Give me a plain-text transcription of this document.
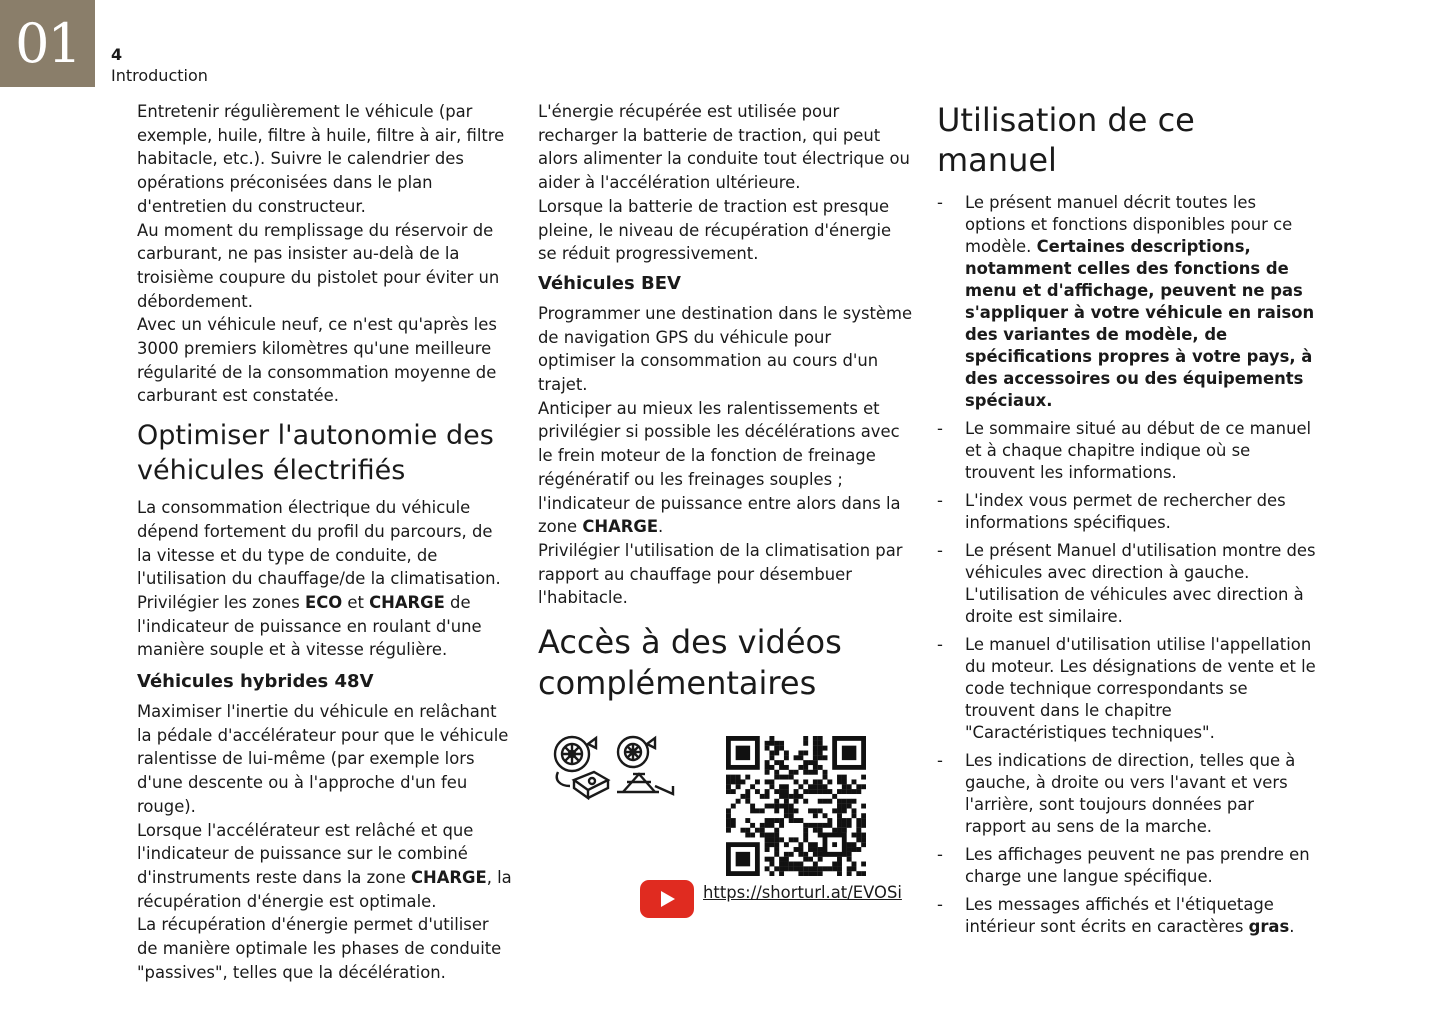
01	4
Introduction

Entretenir régulièrement le véhicule (par exemple, huile, filtre à huile, filtre à air, filtre habitacle, etc.). Suivre le calendrier des opérations préconisées dans le plan d'entretien du constructeur.

Au moment du remplissage du réservoir de carburant, ne pas insister au-delà de la troisième coupure du pistolet pour éviter un débordement.

Avec un véhicule neuf, ce n'est qu'après les 3000 premiers kilomètres qu'une meilleure régularité de la consommation moyenne de carburant est constatée.

Optimiser l'autonomie des véhicules électrifiés

La consommation électrique du véhicule dépend fortement du profil du parcours, de la vitesse et du type de conduite, de l'utilisation du chauffage/de la climatisation.

Privilégier les zones ECO et CHARGE de l'indicateur de puissance en roulant d'une manière souple et à vitesse régulière.

Véhicules hybrides 48V

Maximiser l'inertie du véhicule en relâchant la pédale d'accélérateur pour que le véhicule ralentisse de lui-même (par exemple lors d'une descente ou à l'approche d'un feu rouge).

Lorsque l'accélérateur est relâché et que l'indicateur de puissance sur le combiné d'instruments reste dans la zone CHARGE, la récupération d'énergie est optimale.

La récupération d'énergie permet d'utiliser de manière optimale les phases de conduite "passives", telles que la décélération.

L'énergie récupérée est utilisée pour recharger la batterie de traction, qui peut alors alimenter la conduite tout électrique ou aider à l'accélération ultérieure.

Lorsque la batterie de traction est presque pleine, le niveau de récupération d'énergie se réduit progressivement.

Véhicules BEV

Programmer une destination dans le système de navigation GPS du véhicule pour optimiser la consommation au cours d'un trajet.

Anticiper au mieux les ralentissements et privilégier si possible les décélérations avec le frein moteur de la fonction de freinage régénératif ou les freinages souples ; l'indicateur de puissance entre alors dans la zone CHARGE.

Privilégier l'utilisation de la climatisation par rapport au chauffage pour désembuer l'habitacle.

Accès à des vidéos complémentaires
https://shorturl.at/EVOSi
Utilisation de ce manuel
- Le présent manuel décrit toutes les options et fonctions disponibles pour ce modèle. Certaines descriptions, notamment celles des fonctions de menu et d'affichage, peuvent ne pas s'appliquer à votre véhicule en raison des variantes de modèle, de spécifications propres à votre pays, à des accessoires ou des équipements spéciaux.
- Le sommaire situé au début de ce manuel et à chaque chapitre indique où se trouvent les informations.
- L'index vous permet de rechercher des informations spécifiques.
- Le présent Manuel d'utilisation montre des véhicules avec direction à gauche. L'utilisation de véhicules avec direction à droite est similaire.
- Le manuel d'utilisation utilise l'appellation du moteur. Les désignations de vente et le code technique correspondants se trouvent dans le chapitre "Caractéristiques techniques".
- Les indications de direction, telles que à gauche, à droite ou vers l'avant et vers l'arrière, sont toujours données par rapport au sens de la marche.
- Les affichages peuvent ne pas prendre en charge une langue spécifique.
- Les messages affichés et l'étiquetage intérieur sont écrits en caractères gras.
